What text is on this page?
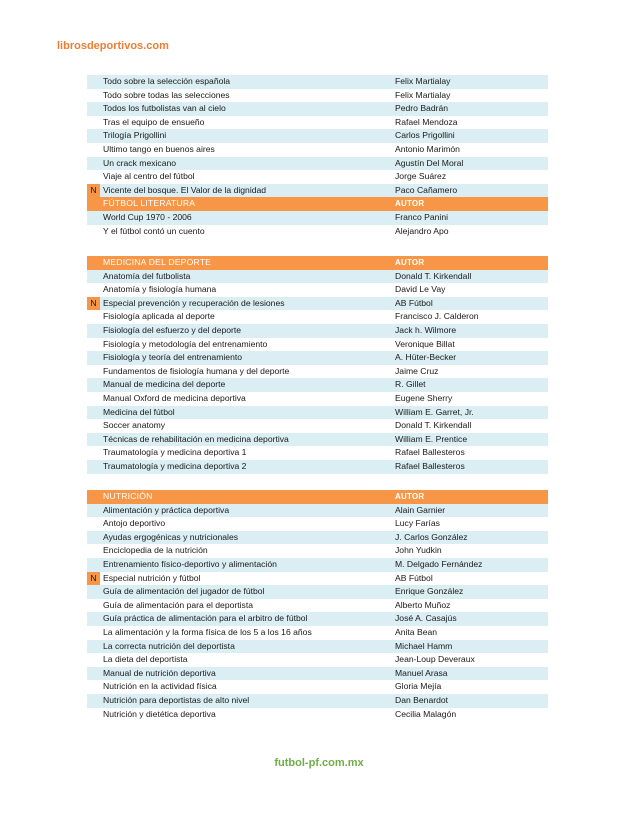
librosdeportivos.com
Todo sobre la selección española	Felix Martialay
Todo sobre todas las selecciones	Felix Martialay
Todos los futbolistas van al cielo	Pedro Badrán
Tras el equipo de ensueño	Rafael Mendoza
Trilogía Prigollini	Carlos Prigollini
Ultimo tango en buenos aires	Antonio Marimón
Un crack mexicano	Agustín Del Moral
Viaje al centro del fútbol	Jorge Suárez
N Vicente del bosque. El Valor de la dignidad	Paco Cañamero
FÚTBOL LITERATURA	AUTOR
World Cup 1970 - 2006	Franco Panini
Y el fútbol contó un cuento	Alejandro Apo
MEDICINA DEL DEPORTE	AUTOR
Anatomía del futbolista	Donald T. Kirkendall
Anatomía y fisiología humana	David Le Vay
N Especial prevención y recuperación de lesiones	AB Fútbol
Fisiología aplicada al deporte	Francisco J. Calderon
Fisiología del esfuerzo y del deporte	Jack h. Wilmore
Fisiología y metodología del entrenamiento	Veronique Billat
Fisiología y teoría del entrenamiento	A. Hüter-Becker
Fundamentos de fisiología humana y del deporte	Jaime Cruz
Manual de medicina del deporte	R. Gillet
Manual Oxford de medicina deportiva	Eugene Sherry
Medicina del fútbol	William E. Garret, Jr.
Soccer anatomy	Donald T. Kirkendall
Técnicas de rehabilitación en medicina deportiva	William E. Prentice
Traumatología y medicina deportiva 1	Rafael Ballesteros
Traumatología y medicina deportiva 2	Rafael Ballesteros
NUTRICIÓN	AUTOR
Alimentación y práctica deportiva	Alain Garnier
Antojo deportivo	Lucy Farías
Ayudas ergogénicas y nutricionales	J. Carlos González
Enciclopedia de la nutrición	John Yudkin
Entrenamiento físico-deportivo y alimentación	M. Delgado Fernández
N Especial nutrición y fútbol	AB Fútbol
Guía de alimentación del jugador de fútbol	Enrique González
Guía de alimentación para el deportista	Alberto Muñoz
Guía práctica de alimentación para el arbitro de fútbol	José A. Casajús
La alimentación y la forma física de los 5 a los 16 años	Anita Bean
La correcta nutrición del deportista	Michael Hamm
La dieta del deportista	Jean-Loup Deveraux
Manual de nutrición deportiva	Manuel Arasa
Nutrición en la actividad física	Gloria Mejía
Nutrición para deportistas de alto nivel	Dan Benardot
Nutrición y dietética deportiva	Cecilia Malagón
futbol-pf.com.mx
